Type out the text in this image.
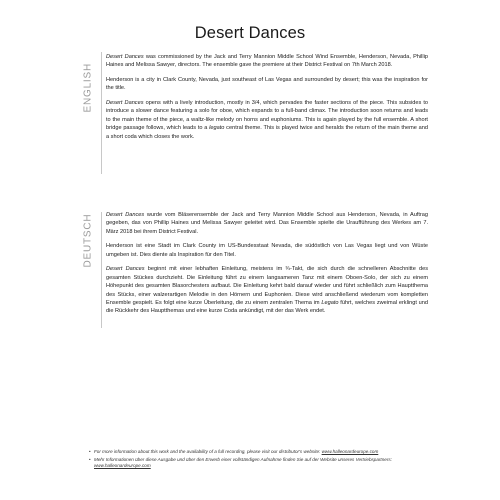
Desert Dances
ENGLISH

Desert Dances was commissioned by the Jack and Terry Mannion Middle School Wind Ensemble, Henderson, Nevada, Phillip Haines and Melissa Sawyer, directors. The ensemble gave the premiere at their District Festival on 7th March 2018.

Henderson is a city in Clark County, Nevada, just southeast of Las Vegas and surrounded by desert; this was the inspiration for the title.

Desert Dances opens with a lively introduction, mostly in 3/4, which pervades the faster sections of the piece. This subsides to introduce a slower dance featuring a solo for oboe, which expands to a full-band climax. The introduction soon returns and leads to the main theme of the piece, a waltz-like melody on horns and euphoniums. This is again played by the full ensemble. A short bridge passage follows, which leads to a legato central theme. This is played twice and heralds the return of the main theme and a short coda which closes the work.

DEUTSCH Desert Dances wurde vom Bläserensemble der Jack and Terry Mannion Middle School aus Henderson, Nevada, in Auftrag gegeben, das von Phillip Haines und Melissa Sawyer geleitet wird. Das Ensemble spielte die Uraufführung des Werkes am 7. März 2018 bei ihrem District Festival.

Henderson ist eine Stadt im Clark County im US-Bundesstaat Nevada, die südöstlich von Las Vegas liegt und von Wüste umgeben ist. Dies diente als Inspiration für den Titel.

Desert Dances beginnt mit einer lebhaften Einleitung, meistens im ¾-Takt, die sich durch die schnelleren Abschnitte des gesamten Stückes durchzieht. Die Einleitung führt zu einem langsameren Tanz mit einem Oboen-Solo, der sich zu einem Höhepunkt des gesamten Blasorchesters aufbaut. Die Einleitung kehrt bald darauf wieder und führt schließlich zum Hauptthema des Stücks, einer walzerartigen Melodie in den Hörnern und Euphonien. Diese wird anschließend wiederum vom kompletten Ensemble gespielt. Es folgt eine kurze Überleitung, die zu einem zentralen Thema im Legato führt, welches zweimal erklingt und die Rückkehr des Hauptthemas und eine kurze Coda ankündigt, mit der das Werk endet.

• For more information about this work and the availability of a full recording, please visit our distributor's website: www.halleonardeurope.com
• Mehr Informationen über diese Ausgabe und über den Erwerb einer vollständigen Aufnahme finden Sie auf der Website unseres Vertriebspartners: www.halleonardeurope.com
